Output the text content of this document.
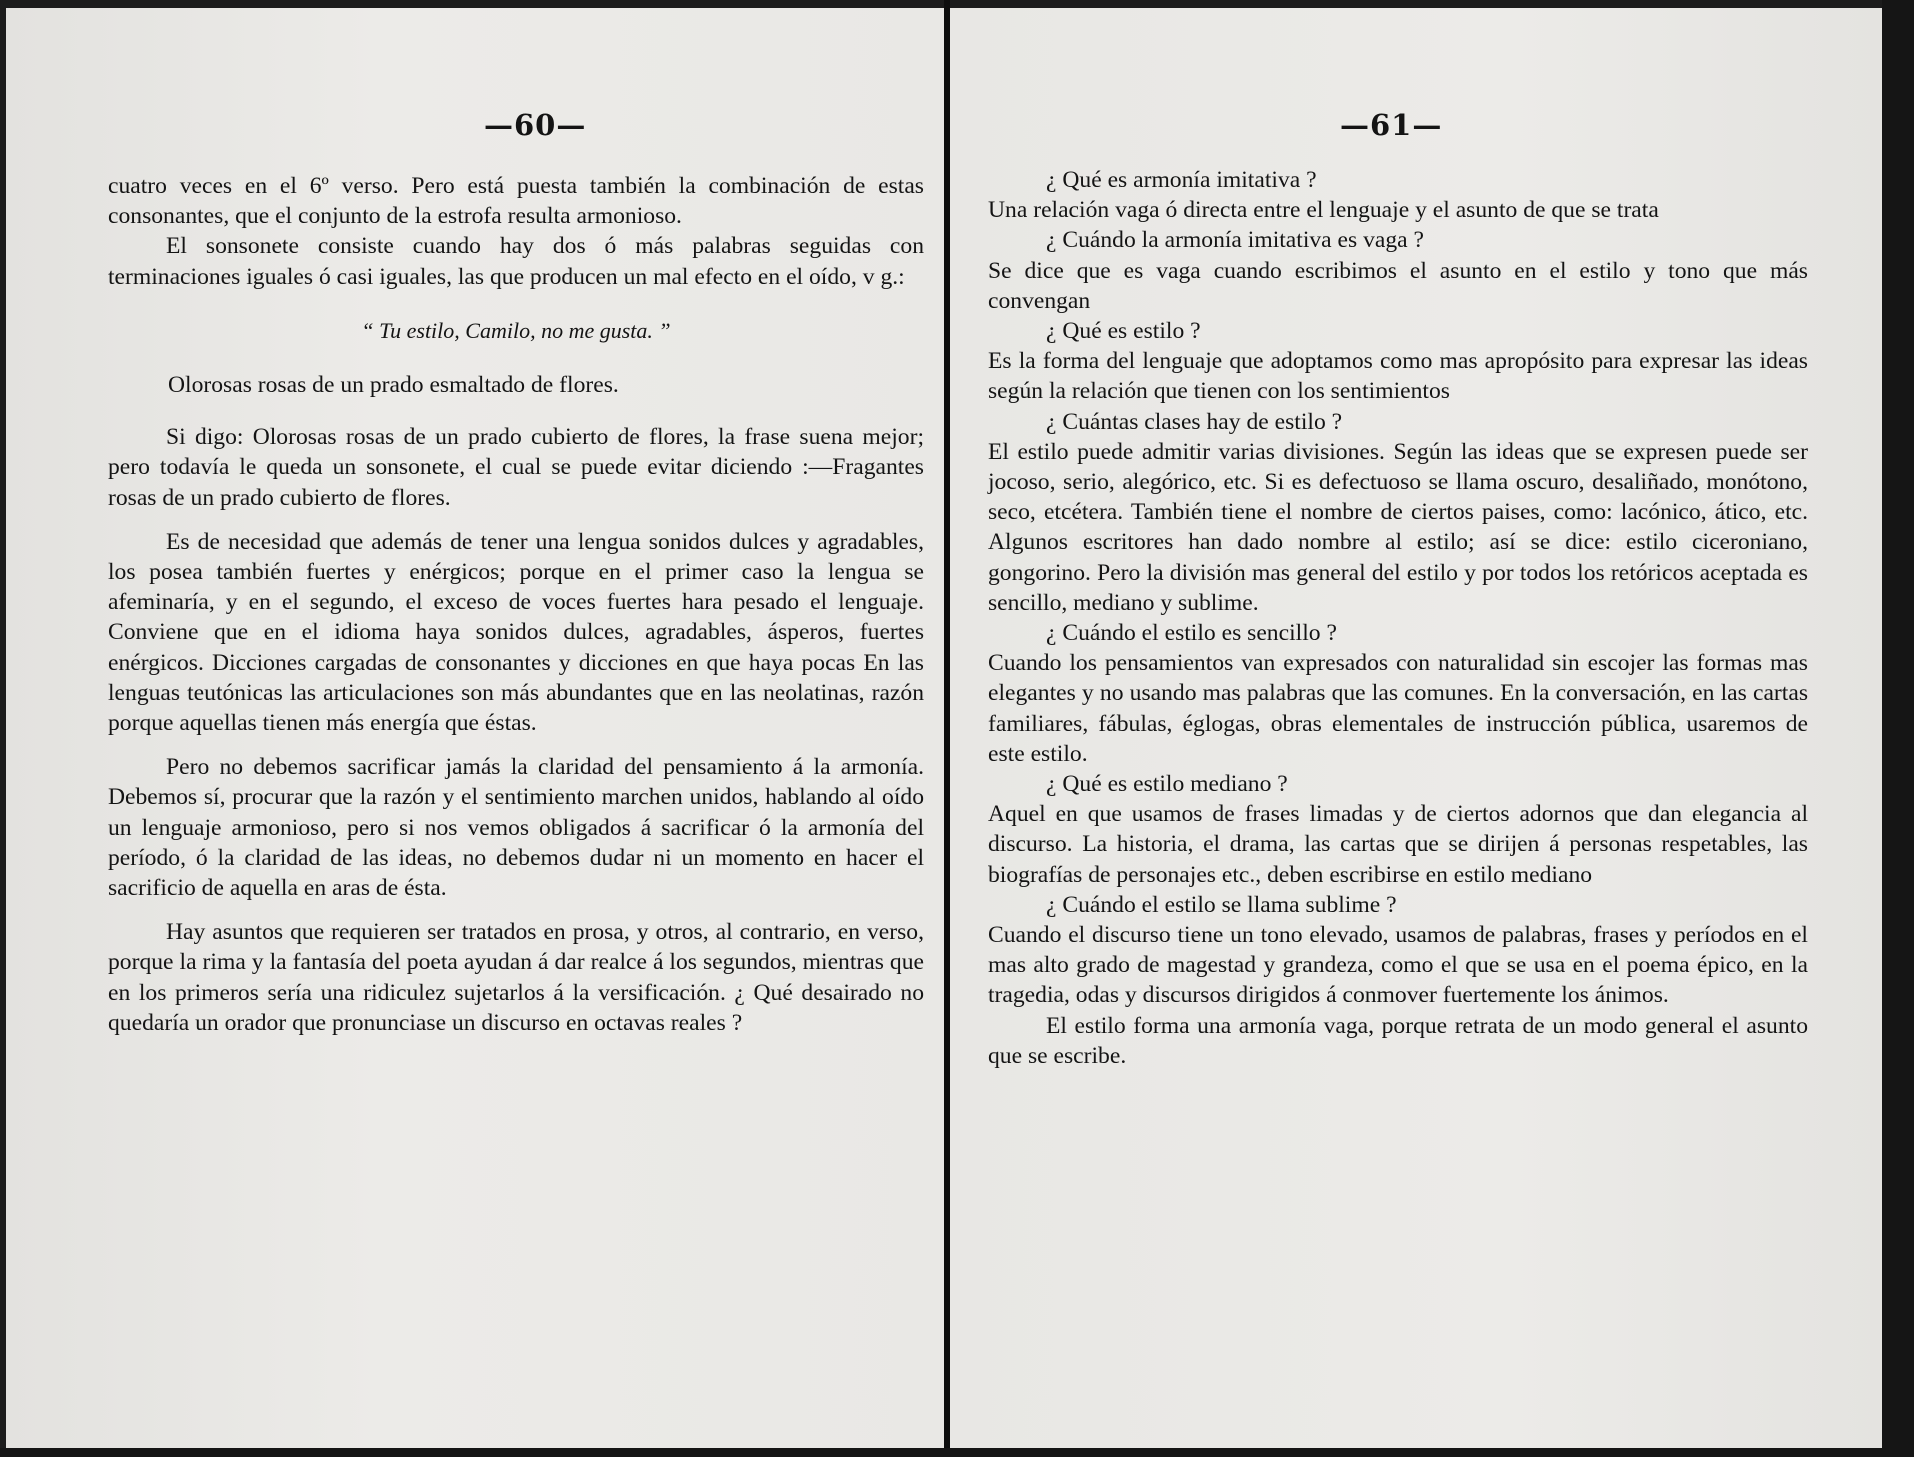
—60—

cuatro veces en el 6º verso. Pero está puesta también la combinación de estas consonantes, que el conjunto de la estrofa resulta armonioso.

El sonsonete consiste cuando hay dos ó más palabras seguidas con terminaciones iguales ó casi iguales, las que producen un mal efecto en el oído, v g.:

“ Tu estilo, Camilo, no me gusta. ”

Olorosas rosas de un prado esmaltado de flores.

Si digo: Olorosas rosas de un prado cubierto de flores, la frase suena mejor; pero todavía le queda un sonsonete, el cual se puede evitar diciendo :—Fragantes rosas de un prado cubierto de flores.

Es de necesidad que además de tener una lengua sonidos dulces y agradables, los posea también fuertes y enérgicos; porque en el primer caso la lengua se afeminaría, y en el segundo, el exceso de voces fuertes hara pesado el lenguaje. Conviene que en el idioma haya sonidos dulces, agradables, ásperos, fuertes enérgicos. Dicciones cargadas de consonantes y dicciones en que haya pocas En las lenguas teutónicas las articulaciones son más abundantes que en las neolatinas, razón porque aquellas tienen más energía que éstas.

Pero no debemos sacrificar jamás la claridad del pensamiento á la armonía. Debemos sí, procurar que la razón y el sentimiento marchen unidos, hablando al oído un lenguaje armonioso, pero si nos vemos obligados á sacrificar ó la armonía del período, ó la claridad de las ideas, no debemos dudar ni un momento en hacer el sacrificio de aquella en aras de ésta.

Hay asuntos que requieren ser tratados en prosa, y otros, al contrario, en verso, porque la rima y la fantasía del poeta ayudan á dar realce á los segundos, mientras que en los primeros sería una ridiculez sujetarlos á la versificación. ¿ Qué desairado no quedaría un orador que pronunciase un discurso en octavas reales ?

—61—

¿ Qué es armonía imitativa ?

Una relación vaga ó directa entre el lenguaje y el asunto de que se trata

¿ Cuándo la armonía imitativa es vaga ?

Se dice que es vaga cuando escribimos el asunto en el estilo y tono que más convengan

¿ Qué es estilo ?

Es la forma del lenguaje que adoptamos como mas apropósito para expresar las ideas según la relación que tienen con los sentimientos

¿ Cuántas clases hay de estilo ?

El estilo puede admitir varias divisiones. Según las ideas que se expresen puede ser jocoso, serio, alegórico, etc. Si es defectuoso se llama oscuro, desaliñado, monótono, seco, etcétera. También tiene el nombre de ciertos paises, como: lacónico, ático, etc. Algunos escritores han dado nombre al estilo; así se dice: estilo ciceroniano, gongorino. Pero la división mas general del estilo y por todos los retóricos aceptada es sencillo, mediano y sublime.

¿ Cuándo el estilo es sencillo ?

Cuando los pensamientos van expresados con naturalidad sin escojer las formas mas elegantes y no usando mas palabras que las comunes. En la conversación, en las cartas familiares, fábulas, églogas, obras elementales de instrucción pública, usaremos de este estilo.

¿ Qué es estilo mediano ?

Aquel en que usamos de frases limadas y de ciertos adornos que dan elegancia al discurso. La historia, el drama, las cartas que se dirijen á personas respetables, las biografías de personajes etc., deben escribirse en estilo mediano

¿ Cuándo el estilo se llama sublime ?

Cuando el discurso tiene un tono elevado, usamos de palabras, frases y períodos en el mas alto grado de magestad y grandeza, como el que se usa en el poema épico, en la tragedia, odas y discursos dirigidos á conmover fuertemente los ánimos.

El estilo forma una armonía vaga, porque retrata de un modo general el asunto que se escribe.
